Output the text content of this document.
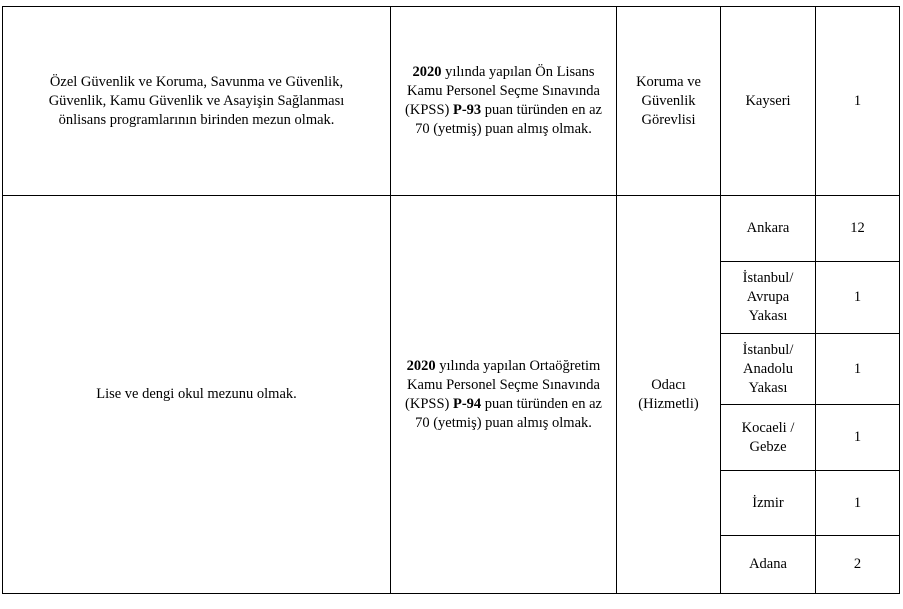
Özel Güvenlik ve Koruma, Savunma ve Güvenlik, Güvenlik, Kamu Güvenlik ve Asayişin Sağlanması önlisans programlarının birinden mezun olmak.	2020 yılında yapılan Ön Lisans Kamu Personel Seçme Sınavında (KPSS) P-93 puan türünden en az 70 (yetmiş) puan almış olmak.	Koruma ve Güvenlik Görevlisi	Kayseri	1
Lise ve dengi okul mezunu olmak.	2020 yılında yapılan Ortaöğretim Kamu Personel Seçme Sınavında (KPSS) P-94 puan türünden en az 70 (yetmiş) puan almış olmak.	Odacı (Hizmetli)	Ankara	12
			İstanbul/ Avrupa Yakası	1
			İstanbul/ Anadolu Yakası	1
			Kocaeli / Gebze	1
			İzmir	1
			Adana	2
